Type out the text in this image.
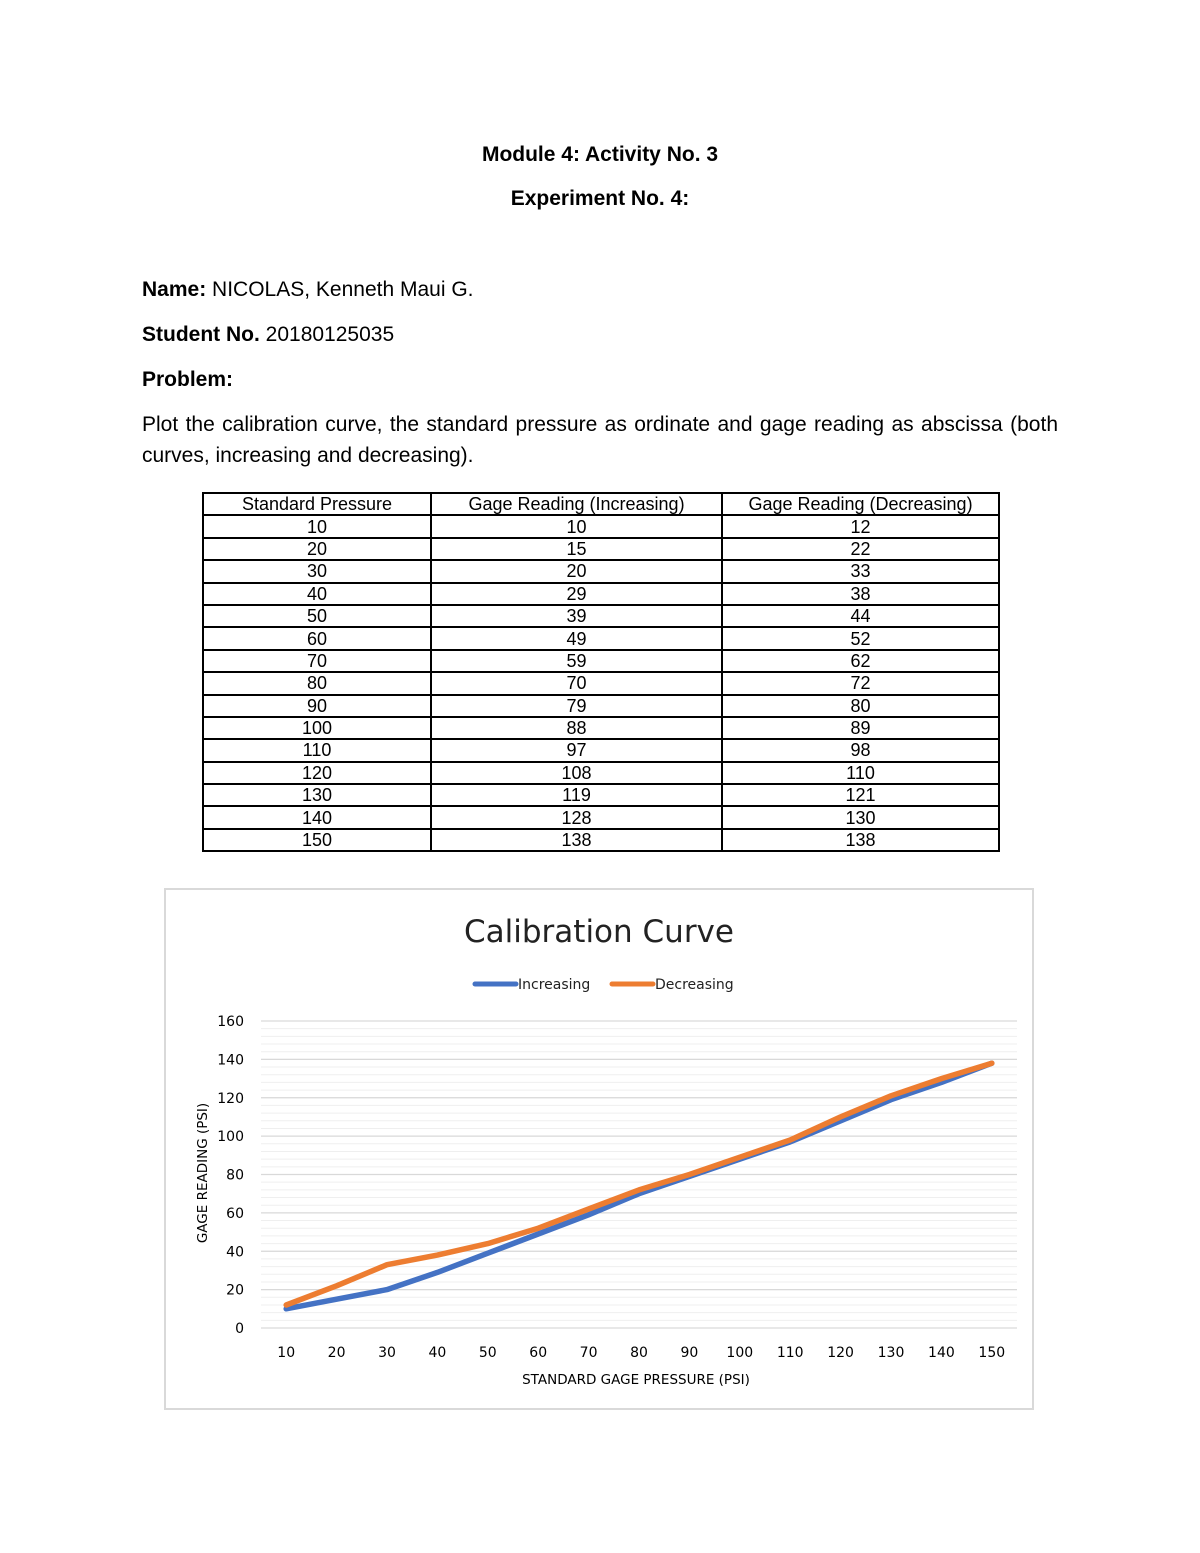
Module 4: Activity No. 3

Experiment No. 4:

Name: NICOLAS, Kenneth Maui G.

Student No. 20180125035

Problem:

Plot the calibration curve, the standard pressure as ordinate and gage reading as abscissa (both curves, increasing and decreasing).

Standard Pressure	Gage Reading (Increasing)	Gage Reading (Decreasing)
10	10	12
20	15	22
30	20	33
40	29	38
50	39	44
60	49	52
70	59	62
80	70	72
90	79	80
100	88	89
110	97	98
120	108	110
130	119	121
140	128	130
150	138	138
0
20
40
60
80
100
120
140
160
10 20 30 40 50 60 70 80 90 100 110 120 130 140 150
Calibration Curve
STANDARD GAGE PRESSURE (PSI)
GAGE READING (PSI)
Increasing	Decreasing
